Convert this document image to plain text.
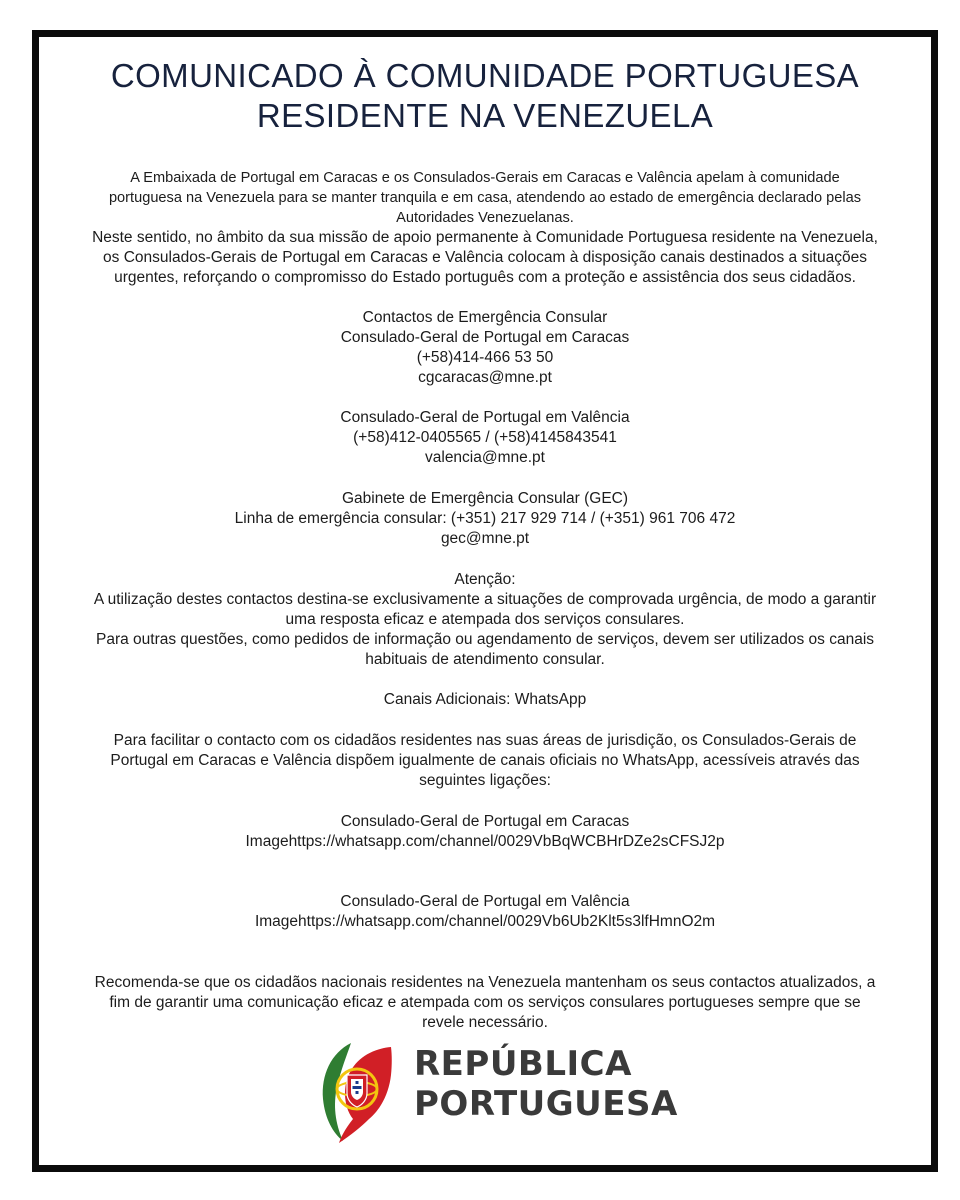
COMUNICADO À COMUNIDADE PORTUGUESA
RESIDENTE NA VENEZUELA
A Embaixada de Portugal em Caracas e os Consulados-Gerais em Caracas e Valência apelam à comunidade
portuguesa na Venezuela para se manter tranquila e em casa, atendendo ao estado de emergência declarado pelas
Autoridades Venezuelanas.
Neste sentido, no âmbito da sua missão de apoio permanente à Comunidade Portuguesa residente na Venezuela,
os Consulados-Gerais de Portugal em Caracas e Valência colocam à disposição canais destinados a situações
urgentes, reforçando o compromisso do Estado português com a proteção e assistência dos seus cidadãos.
Contactos de Emergência Consular
Consulado-Geral de Portugal em Caracas
(+58)414-466 53 50
cgcaracas@mne.pt
Consulado-Geral de Portugal em Valência
(+58)412-0405565 / (+58)4145843541
valencia@mne.pt
Gabinete de Emergência Consular (GEC)
Linha de emergência consular: (+351) 217 929 714 / (+351) 961 706 472
gec@mne.pt
Atenção:
A utilização destes contactos destina-se exclusivamente a situações de comprovada urgência, de modo a garantir
uma resposta eficaz e atempada dos serviços consulares.
Para outras questões, como pedidos de informação ou agendamento de serviços, devem ser utilizados os canais
habituais de atendimento consular.
Canais Adicionais: WhatsApp
Para facilitar o contacto com os cidadãos residentes nas suas áreas de jurisdição, os Consulados-Gerais de
Portugal em Caracas e Valência dispõem igualmente de canais oficiais no WhatsApp, acessíveis através das
seguintes ligações:
Consulado-Geral de Portugal em Caracas
Imagehttps://whatsapp.com/channel/0029VbBqWCBHrDZe2sCFSJ2p
Consulado-Geral de Portugal em Valência
Imagehttps://whatsapp.com/channel/0029Vb6Ub2Klt5s3lfHmnO2m
Recomenda-se que os cidadãos nacionais residentes na Venezuela mantenham os seus contactos atualizados, a
fim de garantir uma comunicação eficaz e atempada com os serviços consulares portugueses sempre que se
revele necessário.
REPÚBLICA
PORTUGUESA
